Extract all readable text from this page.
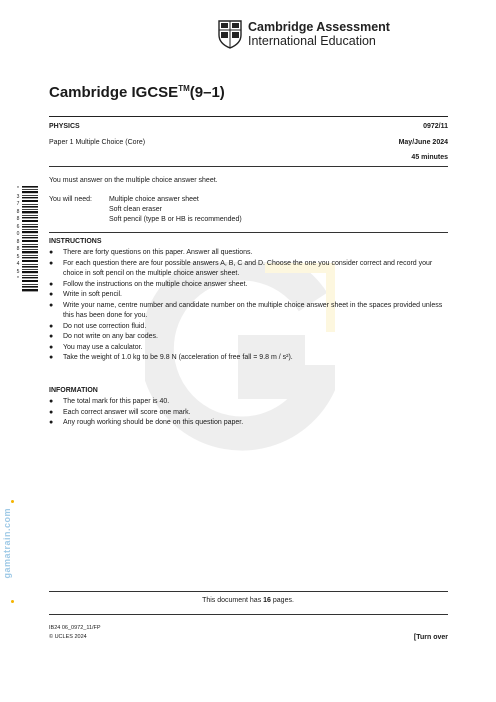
Cambridge Assessment
International Education
Cambridge IGCSE™(9–1)
PHYSICS	0972/11
Paper 1 Multiple Choice (Core)	May/June 2024
45 minutes
You must answer on the multiple choice answer sheet.
You will need: Multiple choice answer sheet
Soft clean eraser
Soft pencil (type B or HB is recommended)
*
3
7
8
8
6
0
8
8
5
4
5
*
INSTRUCTIONS
● There are forty questions on this paper. Answer all questions.
● For each question there are four possible answers A, B, C and D. Choose the one you consider correct and record your choice in soft pencil on the multiple choice answer sheet.
● Follow the instructions on the multiple choice answer sheet.
● Write in soft pencil.
● Write your name, centre number and candidate number on the multiple choice answer sheet in the spaces provided unless this has been done for you.
● Do not use correction fluid.
● Do not write on any bar codes.
● You may use a calculator.
● Take the weight of 1.0 kg to be 9.8 N (acceleration of free fall = 9.8 m / s²).
INFORMATION
● The total mark for this paper is 40.
● Each correct answer will score one mark.
● Any rough working should be done on this question paper.
gamatrain.com
This document has 16 pages.
IB24 06_0972_11/FP
© UCLES 2024	[Turn over
